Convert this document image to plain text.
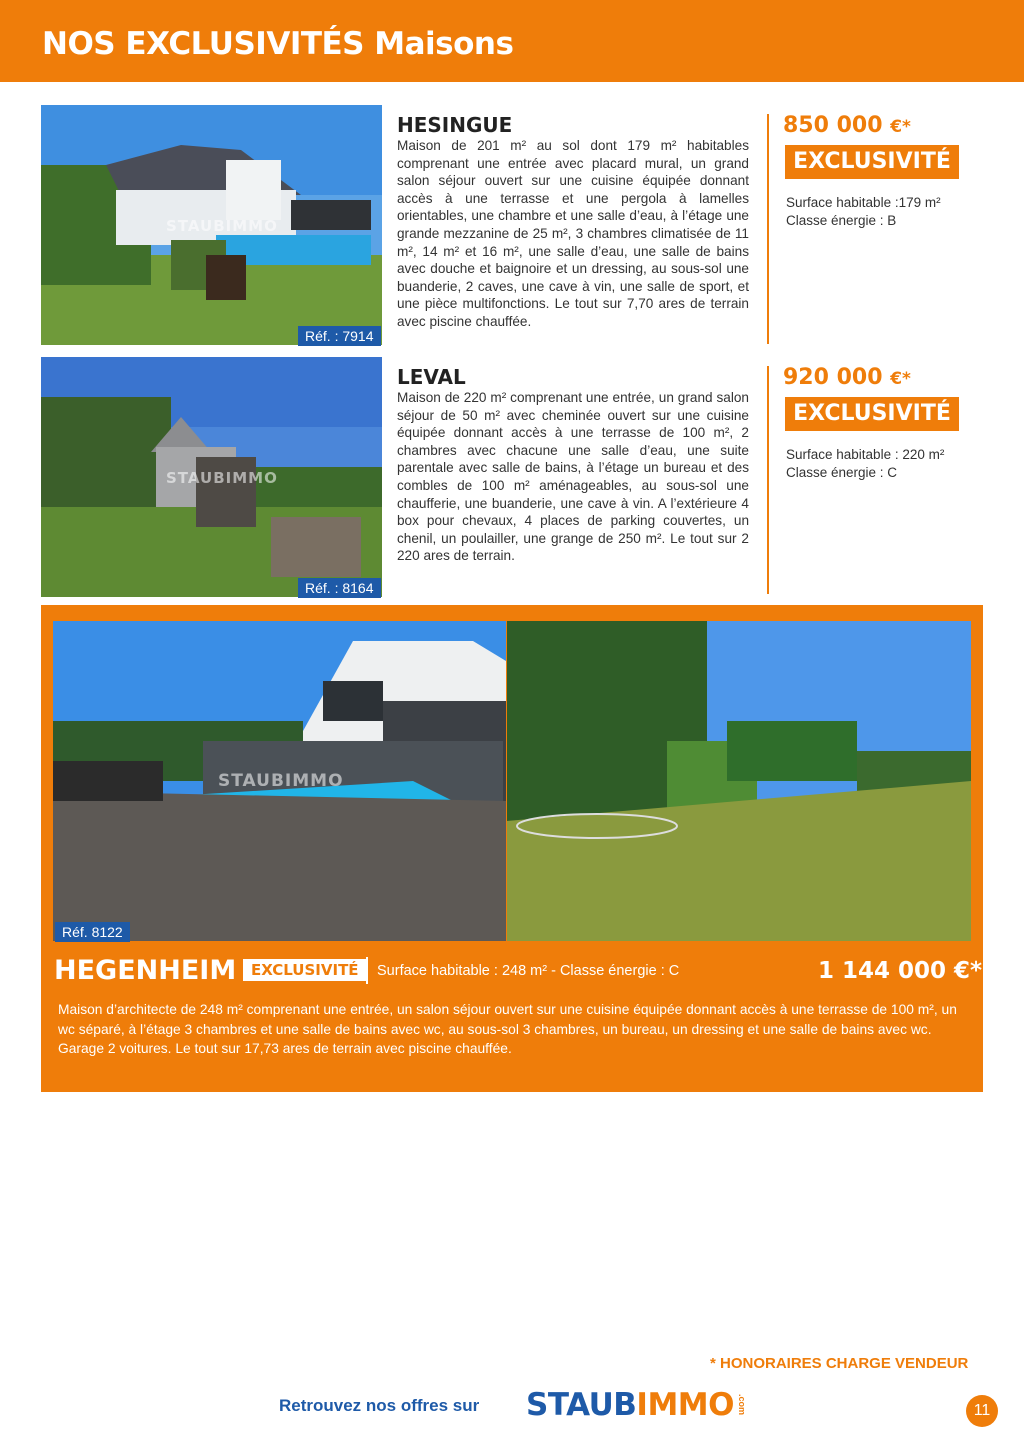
NOS EXCLUSIVITÉS Maisons
STAUBIMMO
Réf. : 7914
HESINGUE

Maison de 201 m² au sol dont 179 m² habitables comprenant une entrée avec placard mural, un grand salon séjour ouvert sur une cuisine équipée donnant accès à une terrasse et une pergola à lamelles orientables, une chambre et une salle d’eau, à l’étage une grande mezzanine de 25 m², 3 chambres climatisée de 11 m², 14 m² et 16 m², une salle d’eau, une salle de bains avec douche et baignoire et un dressing, au sous-sol une buanderie, 2 caves, une cave à vin, une salle de sport, et une pièce multifonctions. Le tout sur 7,70 ares de terrain avec piscine chauffée.

850 000 €*
EXCLUSIVITÉ
Surface habitable :179 m²
Classe énergie : B
STAUBIMMO
Réf. : 8164
LEVAL

Maison de 220 m² comprenant une entrée, un grand salon séjour de 50 m² avec cheminée ouvert sur une cuisine équipée donnant accès à une terrasse de 100 m², 2 chambres avec chacune une salle d’eau, une suite parentale avec salle de bains, à l’étage un bureau et des combles de 100 m² aménageables, au sous-sol une chaufferie, une buanderie, une cave à vin. A l’extérieure 4 box pour chevaux, 4 places de parking couvertes, un chenil, un poulailler, une grange de 250 m². Le tout sur 2 220 ares de terrain.

920 000 €*
EXCLUSIVITÉ
Surface habitable : 220 m²
Classe énergie : C
STAUBIMMO
Réf. 8122
HEGENHEIM EXCLUSIVITÉ	Surface habitable : 248 m² - Classe énergie : C	1 144 000 €*

Maison d’architecte de 248 m² comprenant une entrée, un salon séjour ouvert sur une cuisine équipée donnant accès à une terrasse de 100 m², un wc séparé, à l’étage 3 chambres et une salle de bains avec wc, au sous-sol 3 chambres, un bureau, un dressing et une salle de bains avec wc. Garage 2 voitures. Le tout sur 17,73 ares de terrain avec piscine chauffée.

* HONORAIRES CHARGE VENDEUR
Retrouvez nos offres sur STAUBIMMO .com	11
